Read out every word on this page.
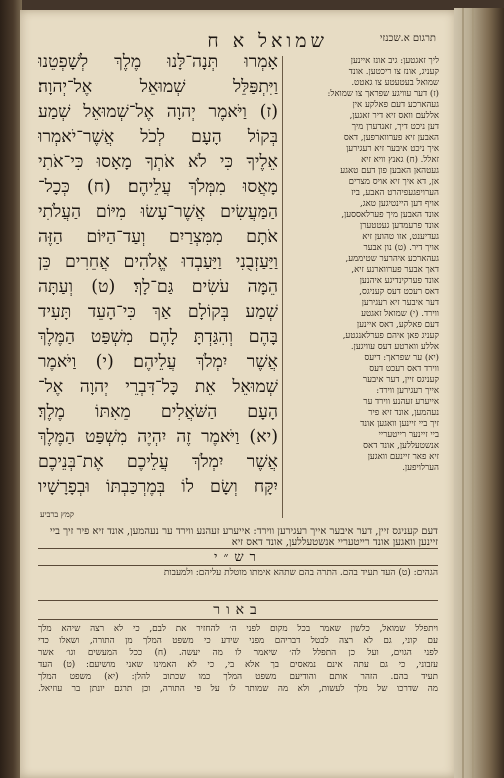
שמואל א ח	תרגום א.שכנזי
אָמְרוּ תְּנָה־לָּנוּ מֶלֶךְ לְשָׁפְטֵנוּ
וַיִּתְפַּלֵּל שְׁמוּאֵל אֶל־יְהוָה׃
(ז) וַיֹּאמֶר יְהוָה אֶל־שְׁמוּאֵל שְׁמַע
בְּקוֹל הָעָם לְכֹל אֲשֶׁר־יֹאמְרוּ
אֵלֶיךָ כִּי לֹא אֹתְךָ מָאָסוּ כִּי־אֹתִי
מָאֲסוּ מִמְּלֹךְ עֲלֵיהֶם׃ (ח) כְּכָל־
הַמַּעֲשִׂים אֲשֶׁר־עָשׂוּ מִיּוֹם הַעֲלֹתִי
אֹתָם מִמִּצְרַיִם וְעַד־הַיּוֹם הַזֶּה
וַיַּעַזְבֻנִי וַיַּעַבְדוּ אֱלֹהִים אֲחֵרִים כֵּן
הֵמָּה עֹשִׂים גַּם־לָךְ׃ (ט) וְעַתָּה
שְׁמַע בְּקוֹלָם אַךְ כִּי־הָעֵד תָּעִיד
בָּהֶם וְהִגַּדְתָּ לָהֶם מִשְׁפַּט הַמֶּלֶךְ
אֲשֶׁר יִמְלֹךְ עֲלֵיהֶם׃ (י) וַיֹּאמֶר
שְׁמוּאֵל אֵת כָּל־דִּבְרֵי יְהוָה אֶל־
הָעָם הַשֹּׁאֲלִים מֵאִתּוֹ מֶלֶךְ׃
(יא) וַיֹּאמֶר זֶה יִהְיֶה מִשְׁפַּט הַמֶּלֶךְ
אֲשֶׁר יִמְלֹךְ עֲלֵיכֶם אֶת־בְּנֵיכֶם
יִקָּח וְשָׂם לוֹ בְּמֶרְכַּבְתּוֹ וּבְפָרָשָׁיו
קמץ ברביע
ליך זאגטען: גיב אונז איינען
קעניג, אונז צו ריכטען. אונד
שמואל בעטעטע צו גאטט.
(ז) דער עוויגע שפראך צו שמואל:
געהארכע דעם פאלקע אין
אללעם וואס זיא דיר זאגען,
דען ניכט דיך, זאנדערן מיך
האבען זיא פערווארפען, דאס
איך ניכט איבער זיא רעגירען
זאלל. (ח) גאנץ וויא זיא
געטהאן האבען פון דעם טאגע
אן, דא איך זיא אויס מצרים
הערויפגעפיהרט האבע, ביז
אויף דען היינטיגען טאג,
אונד האבען מיך פערלאססען,
אונד פרעמדען געטטערן
געדיענט, אזו טהוען זיא
אויך דיר. (ט) נון אבער
געהארכע איהרער שטיממע,
דאך אבער פערווארנע זיא,
אונד פערקינדיגע איהנען
דאס רעכט דעס קעניגס,
דער איבער זיא רעגירען
ווירד. (י) שמואל זאגטע
דעם פאלקע, דאס איינען
קעניג פאן איהם פערלאנגטע,
אללע ווארטע דעס עוויגען.
(יא) ער שפראך: דיעס
ווירד דאס רעכט דעס
קעניגס זיין, דער איבער
אייך רעגירען ווירד:
אייערע זעהנע ווירד ער
נעהמען, אונד זיא פיר
זיך ביי זיינען וואגען אונד
ביי זיינער רייטעריי
אנשטעללען, אונד דאס
זיא פאר זיינעם וואגען
הערלויפען.
דעם קעניגס זיין, דער איבער אייך רעגירען ווירד: אייערע זעהנע ווירד ער נעהמען, אונד זיא פיר זיך ביי זיינען וואגען אונד רייטעריי אנשטעללען, אונד דאס זיא
רש״י
הגהים: (ט) העד תעיד בהם. התרה בהם שתהא אימתו מוטלת עליהם: ולמעבות
באור
ויתפלל שמואל, כלשון שאמר בכל מקום לפני ה׳ להחזיר את לבם, כי לא רצה שיהא מלך
עם קוני, גם לא רצה לבטל דבריהם מפני שידע כי משפט המלך מן התורה, ושאלו כדי
לפני הגוים, ועל כן התפלל לה׳ שיאמר לו מה יעשה. (ח) ככל המעשים וגו׳ אשר
עזבוני, כי גם עתה אינם נמאסים בך אלא בי, כי לא האמינו שאני מושיעם: (ט) העד
תעיד בהם. הזהר אותם והודיעם משפט המלך כמו שכתוב להלן: (יא) משפט המלך
מה שדרכו של מלך לעשות, ולא מה שמותר לו על פי התורה, וכן תרגם יונתן בר עוזיאל.
